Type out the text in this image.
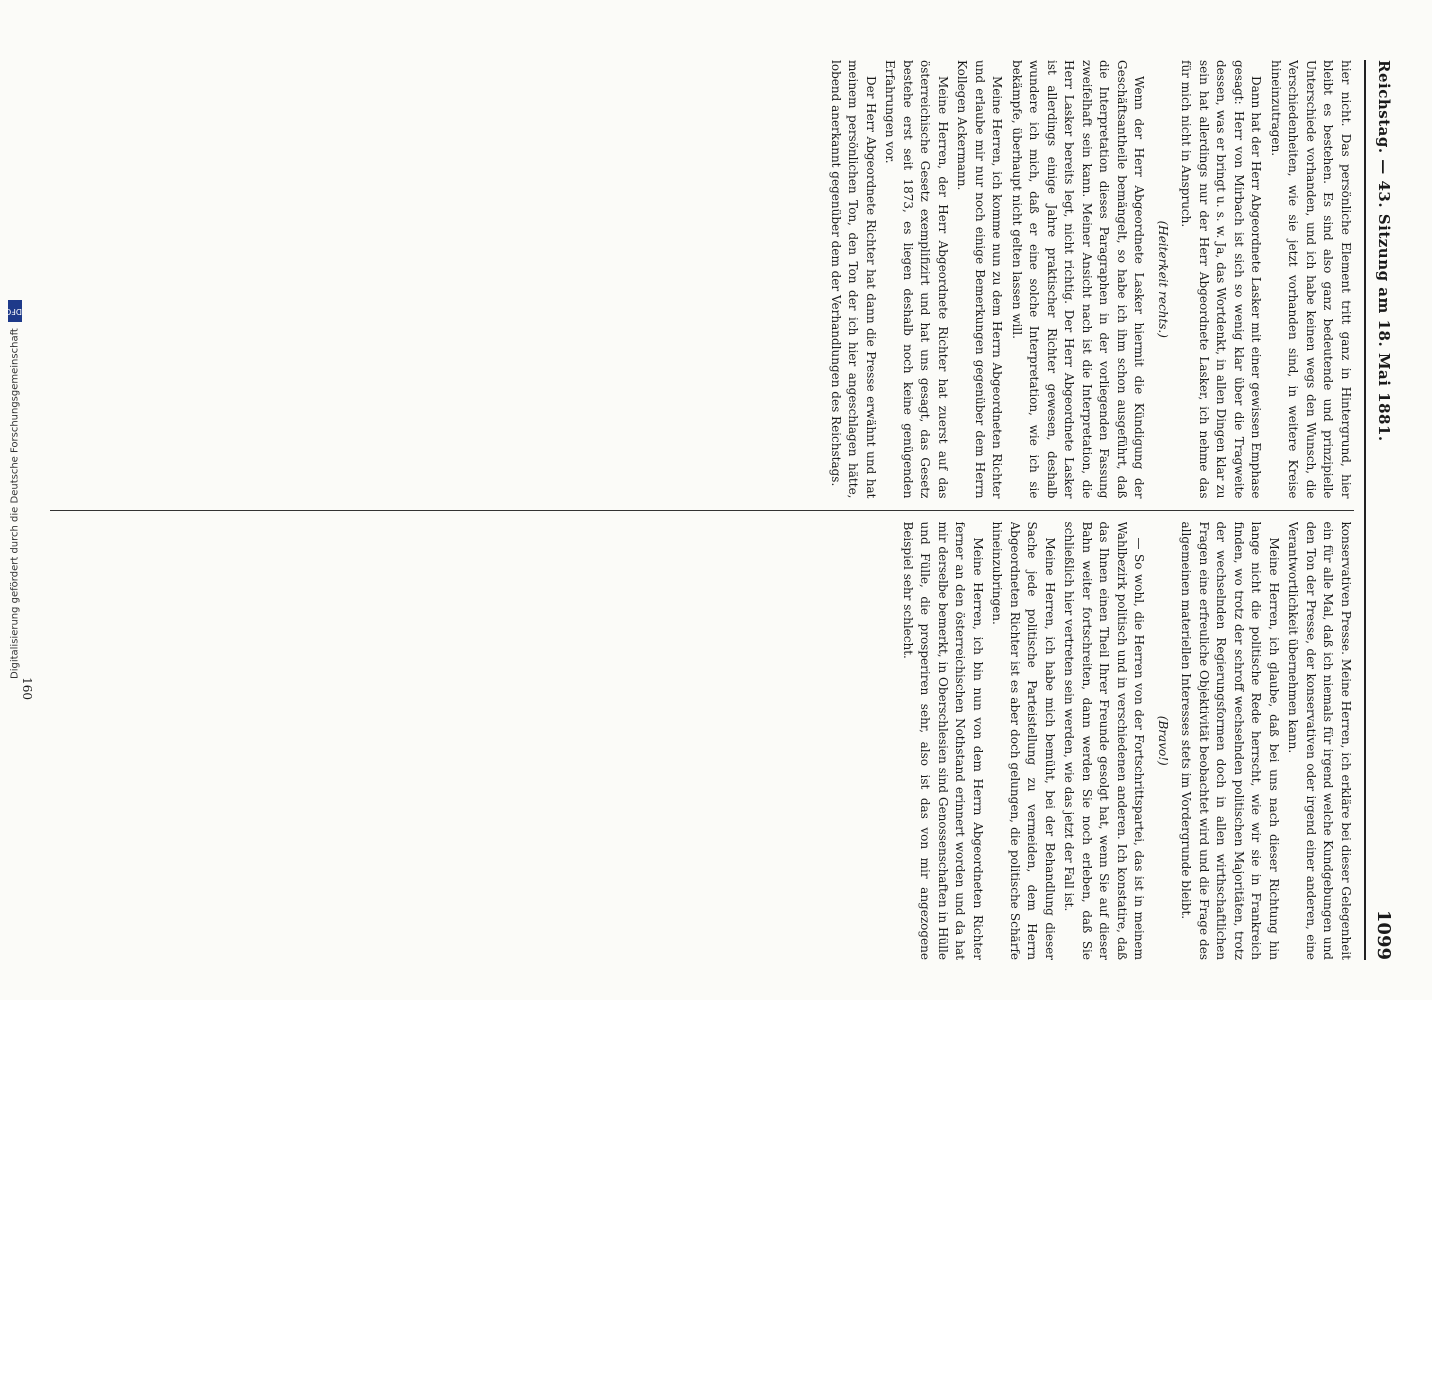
Reichstag. — 43. Sitzung am 18. Mai 1881.
1099

hier nicht. Das persönliche Element tritt ganz in Hintergrund, hier bleibt es bestehen. Es sind also ganz bedeutende und prinzipielle Unterschiede vorhanden, und ich habe keinen wegs den Wunsch, die Verschiedenheiten, wie sie jetzt vorhanden sind, in weitere Kreise hineinzutragen.

Dann hat der Herr Abgeordnete Lasker mit einer gewissen Emphase gesagt: Herr von Mirbach ist sich so wenig klar über die Tragweite dessen, was er bringt u. s. w. Ja, das Wortdenkt, in allen Dingen klar zu sein hat allerdings nur der Herr Abgeordnete Lasker, ich nehme das für mich nicht in Anspruch.

(Heiterkeit rechts.)

Wenn der Herr Abgeordnete Lasker hiermit die Kündigung der Geschäftsantheile bemängelt, so habe ich ihm schon ausgeführt, daß die Interpretation dieses Paragraphen in der vorliegenden Fassung zweifelhaft sein kann. Meiner Ansicht nach ist die Interpretation, die Herr Lasker bereits legt, nicht richtig. Der Herr Abgeordnete Lasker ist allerdings einige Jahre praktischer Richter gewesen, deshalb wundere ich mich, daß er eine solche Interpretation, wie ich sie bekämpfe, überhaupt nicht gelten lassen will.

Meine Herren, ich komme nun zu dem Herrn Abgeordneten Richter und erlaube mir nur noch einige Bemerkungen gegenüber dem Herrn Kollegen Ackermann.

Meine Herren, der Herr Abgeordnete Richter hat zuerst auf das österreichische Gesetz exemplifizirt und hat uns gesagt, das Gesetz bestehe erst seit 1873, es liegen deshalb noch keine genügenden Erfahrungen vor.

Der Herr Abgeordnete Richter hat dann die Presse erwähnt und hat meinem persönlichen Ton, den Ton der ich hier angeschlagen hätte, lobend anerkannt gegenüber dem der Verhandlungen des Reichstags.

konservativen Presse. Meine Herren, ich erkläre bei dieser Gelegenheit ein für alle Mal, daß ich niemals für irgend welche Kundgebungen und den Ton der Presse, der konservativen oder irgend einer anderen, eine Verantwortlichkeit übernehmen kann.

Meine Herren, ich glaube, daß bei uns nach dieser Richtung hin lange nicht die politische Rede herrscht, wie wir sie in Frankreich finden, wo trotz der schroff wechselnden politischen Majoritäten, trotz der wechselnden Regierungsformen doch in allen wirthschaftlichen Fragen eine erfreuliche Objektivität beobachtet wird und die Frage des allgemeinen materiellen Interesses stets im Vordergrunde bleibt.

(Bravo!)

— So wohl, die Herren von der Fortschrittspartei, das ist in meinem Wahlbezirk politisch und in verschiedenen anderen. Ich konstatire, daß das Ihnen einen Theil Ihrer Freunde gesolgt hat, wenn Sie auf dieser Bahn weiter fortschreiten, dann werden Sie noch erleben, daß Sie schließlich hier vertreten sein werden, wie das jetzt der Fall ist.

Meine Herren, ich habe mich bemüht, bei der Behandlung dieser Sache jede politische Parteistellung zu vermeiden, dem Herrn Abgeordneten Richter ist es aber doch gelungen, die politische Schärfe hineinzubringen.

Meine Herren, ich bin nun von dem Herrn Abgeordneten Richter ferner an den österreichischen Nothstand erinnert worden und da hat mir derselbe bemerkt, in Oberschlesien sind Genossenschaften in Hülle und Fülle, die prosperiren sehr, also ist das von mir angezogene Beispiel sehr schlecht.

160
Digitalisierung gefördert durch die Deutsche Forschungsgemeinschaft
DFG
